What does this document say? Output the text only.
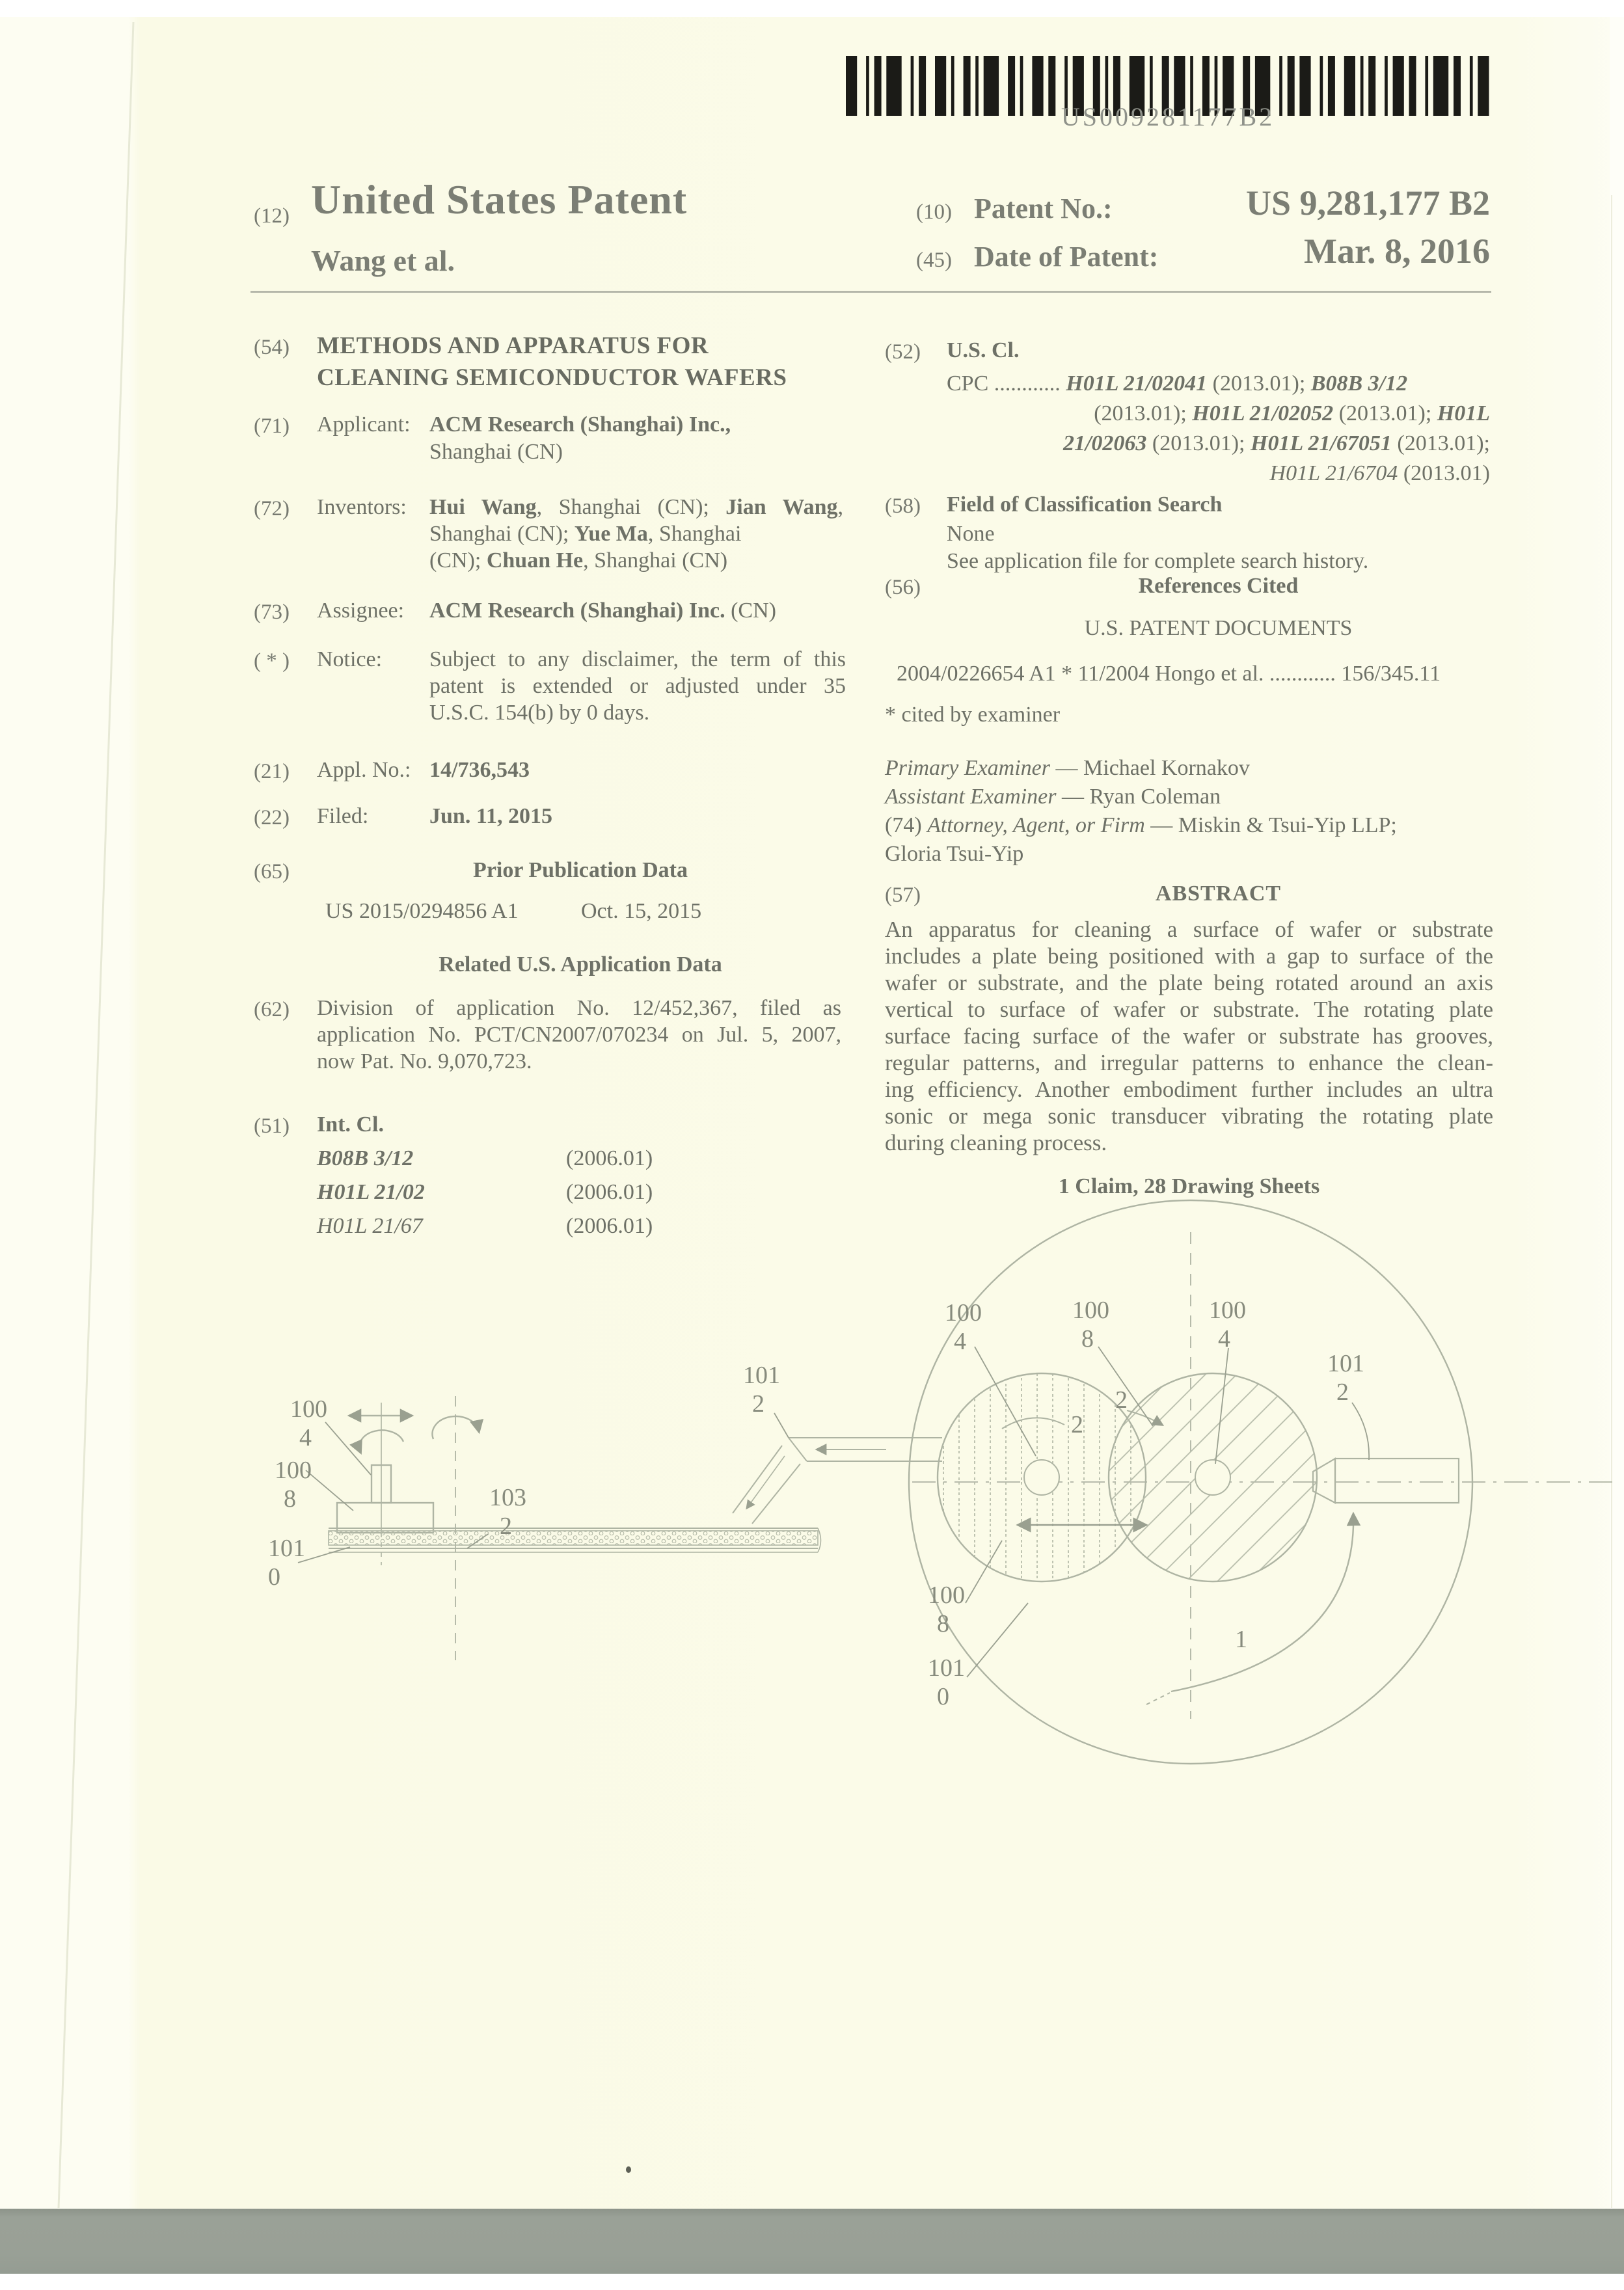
US009281177B2
(12) United States Patent
Wang et al.
(10) Patent No.:	US 9,281,177 B2
(45) Date of Patent:	Mar. 8, 2016
(54) METHODS AND APPARATUS FOR
CLEANING SEMICONDUCTOR WAFERS
(71) Applicant: ACM Research (Shanghai) Inc.,
Shanghai (CN)
(72) Inventors: Hui Wang, Shanghai (CN); Jian Wang,
Shanghai (CN); Yue Ma, Shanghai
(CN); Chuan He, Shanghai (CN)
(73) Assignee: ACM Research (Shanghai) Inc. (CN)
( * ) Notice: Subject to any disclaimer, the term of this
patent is extended or adjusted under 35
U.S.C. 154(b) by 0 days.
(21) Appl. No.: 14/736,543
(22) Filed:	Jun. 11, 2015
(65)	Prior Publication Data
US 2015/0294856 A1	Oct. 15, 2015
Related U.S. Application Data
(62) Division of application No. 12/452,367, filed as
application No. PCT/CN2007/070234 on Jul. 5, 2007,
now Pat. No. 9,070,723.
(51) Int. Cl.
B08B 3/12	(2006.01)
H01L 21/02	(2006.01)
H01L 21/67	(2006.01)
(52) U.S. Cl.
CPC ............ H01L 21/02041 (2013.01); B08B 3/12
(2013.01); H01L 21/02052 (2013.01); H01L
21/02063 (2013.01); H01L 21/67051 (2013.01);
H01L 21/6704 (2013.01)
(58) Field of Classification Search
None
See application file for complete search history.
(56)	References Cited
U.S. PATENT DOCUMENTS
2004/0226654 A1 * 11/2004 Hongo et al. ............ 156/345.11
* cited by examiner
Primary Examiner — Michael Kornakov
Assistant Examiner — Ryan Coleman
(74) Attorney, Agent, or Firm — Miskin & Tsui-Yip LLP;
Gloria Tsui-Yip
(57)	ABSTRACT
An apparatus for cleaning a surface of wafer or substrate
includes a plate being positioned with a gap to surface of the
wafer or substrate, and the plate being rotated around an axis
vertical to surface of wafer or substrate. The rotating plate
surface facing surface of the wafer or substrate has grooves,
regular patterns, and irregular patterns to enhance the clean-
ing efficiency. Another embodiment further includes an ultra
sonic or mega sonic transducer vibrating the rotating plate
during cleaning process.
1 Claim, 28 Drawing Sheets
100
4
100
8	103
2
101
0
101
2
100
4
100
8
100
4
2
2
101
2
100
8
101
0
1
